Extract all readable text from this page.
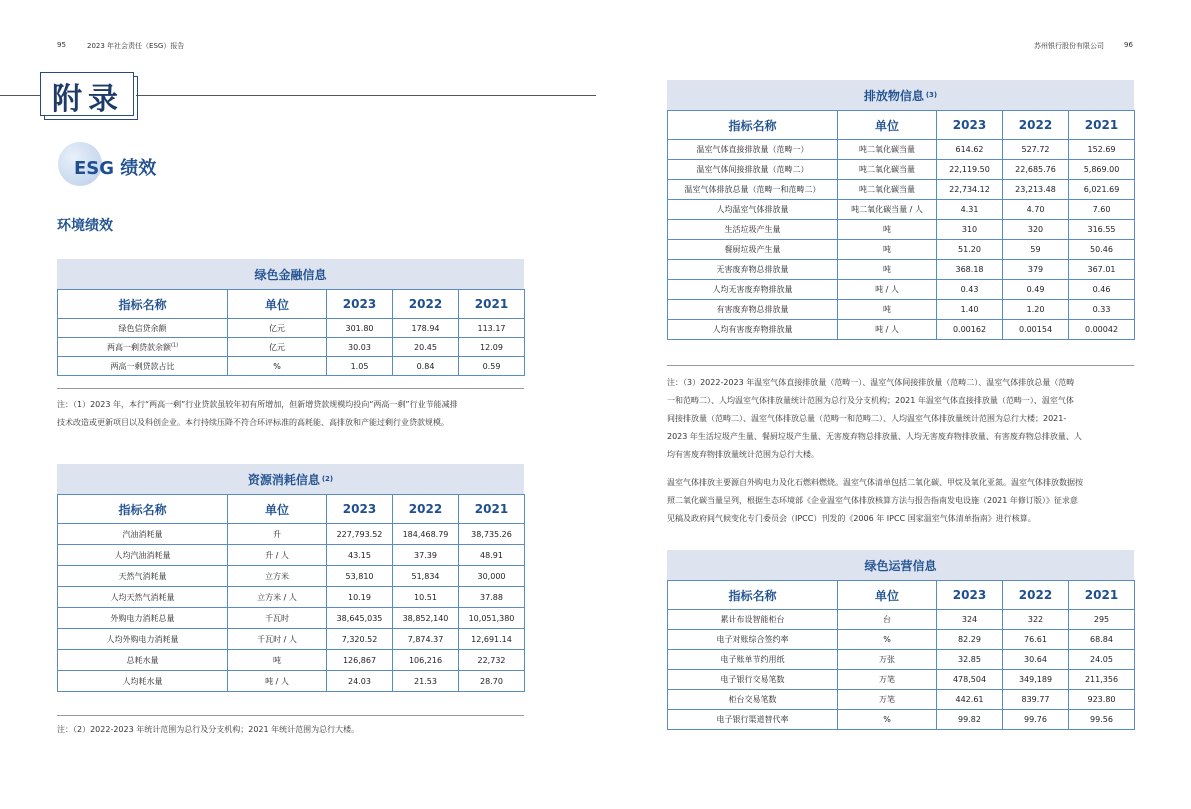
95	2023 年社会责任（ESG）报告	苏州银行股份有限公司	96
附录
ESG 绩效
环境绩效
绿色金融信息
指标名称	单位	2023	2022	2021
绿色信贷余额	亿元	301.80	178.94	113.17
两高一剩贷款余额$^{(1)}$	亿元	30.03	20.45	12.09
两高一剩贷款占比	%	1.05	0.84	0.59
注：（1）2023 年，本行“两高一剩”行业贷款虽较年初有所增加，但新增贷款规模均投向“两高一剩”行业节能减排
技术改造或更新项目以及科创企业。本行持续压降不符合环评标准的高耗能、高排放和产能过剩行业贷款规模。
资源消耗信息 (2)
指标名称	单位	2023	2022	2021
汽油消耗量	升	227,793.52	184,468.79	38,735.26
人均汽油消耗量	升 / 人	43.15	37.39	48.91
天然气消耗量	立方米	53,810	51,834	30,000
人均天然气消耗量	立方米 / 人	10.19	10.51	37.88
外购电力消耗总量	千瓦时	38,645,035	38,852,140	10,051,380
人均外购电力消耗量	千瓦时 / 人	7,320.52	7,874.37	12,691.14
总耗水量	吨	126,867	106,216	22,732
人均耗水量	吨 / 人	24.03	21.53	28.70
注：（2）2022-2023 年统计范围为总行及分支机构；2021 年统计范围为总行大楼。
排放物信息 (3)
指标名称	单位	2023	2022	2021
温室气体直接排放量（范畴一）	吨二氧化碳当量	614.62	527.72	152.69
温室气体间接排放量（范畴二）	吨二氧化碳当量	22,119.50	22,685.76	5,869.00
温室气体排放总量（范畴一和范畴二）	吨二氧化碳当量	22,734.12	23,213.48	6,021.69
人均温室气体排放量	吨二氧化碳当量 / 人	4.31	4.70	7.60
生活垃圾产生量	吨	310	320	316.55
餐厨垃圾产生量	吨	51.20	59	50.46
无害废弃物总排放量	吨	368.18	379	367.01
人均无害废弃物排放量	吨 / 人	0.43	0.49	0.46
有害废弃物总排放量	吨	1.40	1.20	0.33
人均有害废弃物排放量	吨 / 人	0.00162	0.00154	0.00042
注：（3）2022-2023 年温室气体直接排放量（范畴一）、温室气体间接排放量（范畴二）、温室气体排放总量（范畴
一和范畴二）、人均温室气体排放量统计范围为总行及分支机构；2021 年温室气体直接排放量（范畴一）、温室气体
间接排放量（范畴二）、温室气体排放总量（范畴一和范畴二）、人均温室气体排放量统计范围为总行大楼；2021-
2023 年生活垃圾产生量、餐厨垃圾产生量、无害废弃物总排放量、人均无害废弃物排放量、有害废弃物总排放量、人
均有害废弃物排放量统计范围为总行大楼。
温室气体排放主要源自外购电力及化石燃料燃烧。温室气体清单包括二氧化碳、甲烷及氧化亚氮。温室气体排放数据按
照二氧化碳当量呈列，根据生态环境部《企业温室气体排放核算方法与报告指南发电设施（2021 年修订版）》征求意
见稿及政府间气候变化专门委员会（IPCC）刊发的《2006 年 IPCC 国家温室气体清单指南》进行核算。
绿色运营信息
指标名称	单位	2023	2022	2021
累计布设智能柜台	台	324	322	295
电子对账综合签约率	%	82.29	76.61	68.84
电子账单节约用纸	万张	32.85	30.64	24.05
电子银行交易笔数	万笔	478,504	349,189	211,356
柜台交易笔数	万笔	442.61	839.77	923.80
电子银行渠道替代率	%	99.82	99.76	99.56
